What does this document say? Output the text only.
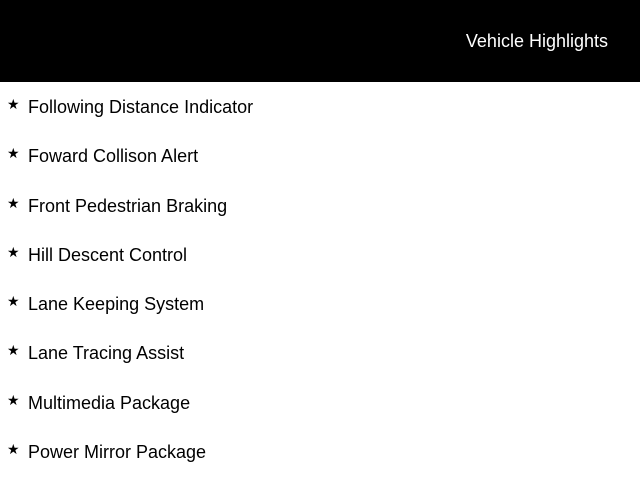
Vehicle Highlights
★ Following Distance Indicator
★ Foward Collison Alert
★ Front Pedestrian Braking
★ Hill Descent Control
★ Lane Keeping System
★ Lane Tracing Assist
★ Multimedia Package
★ Power Mirror Package
